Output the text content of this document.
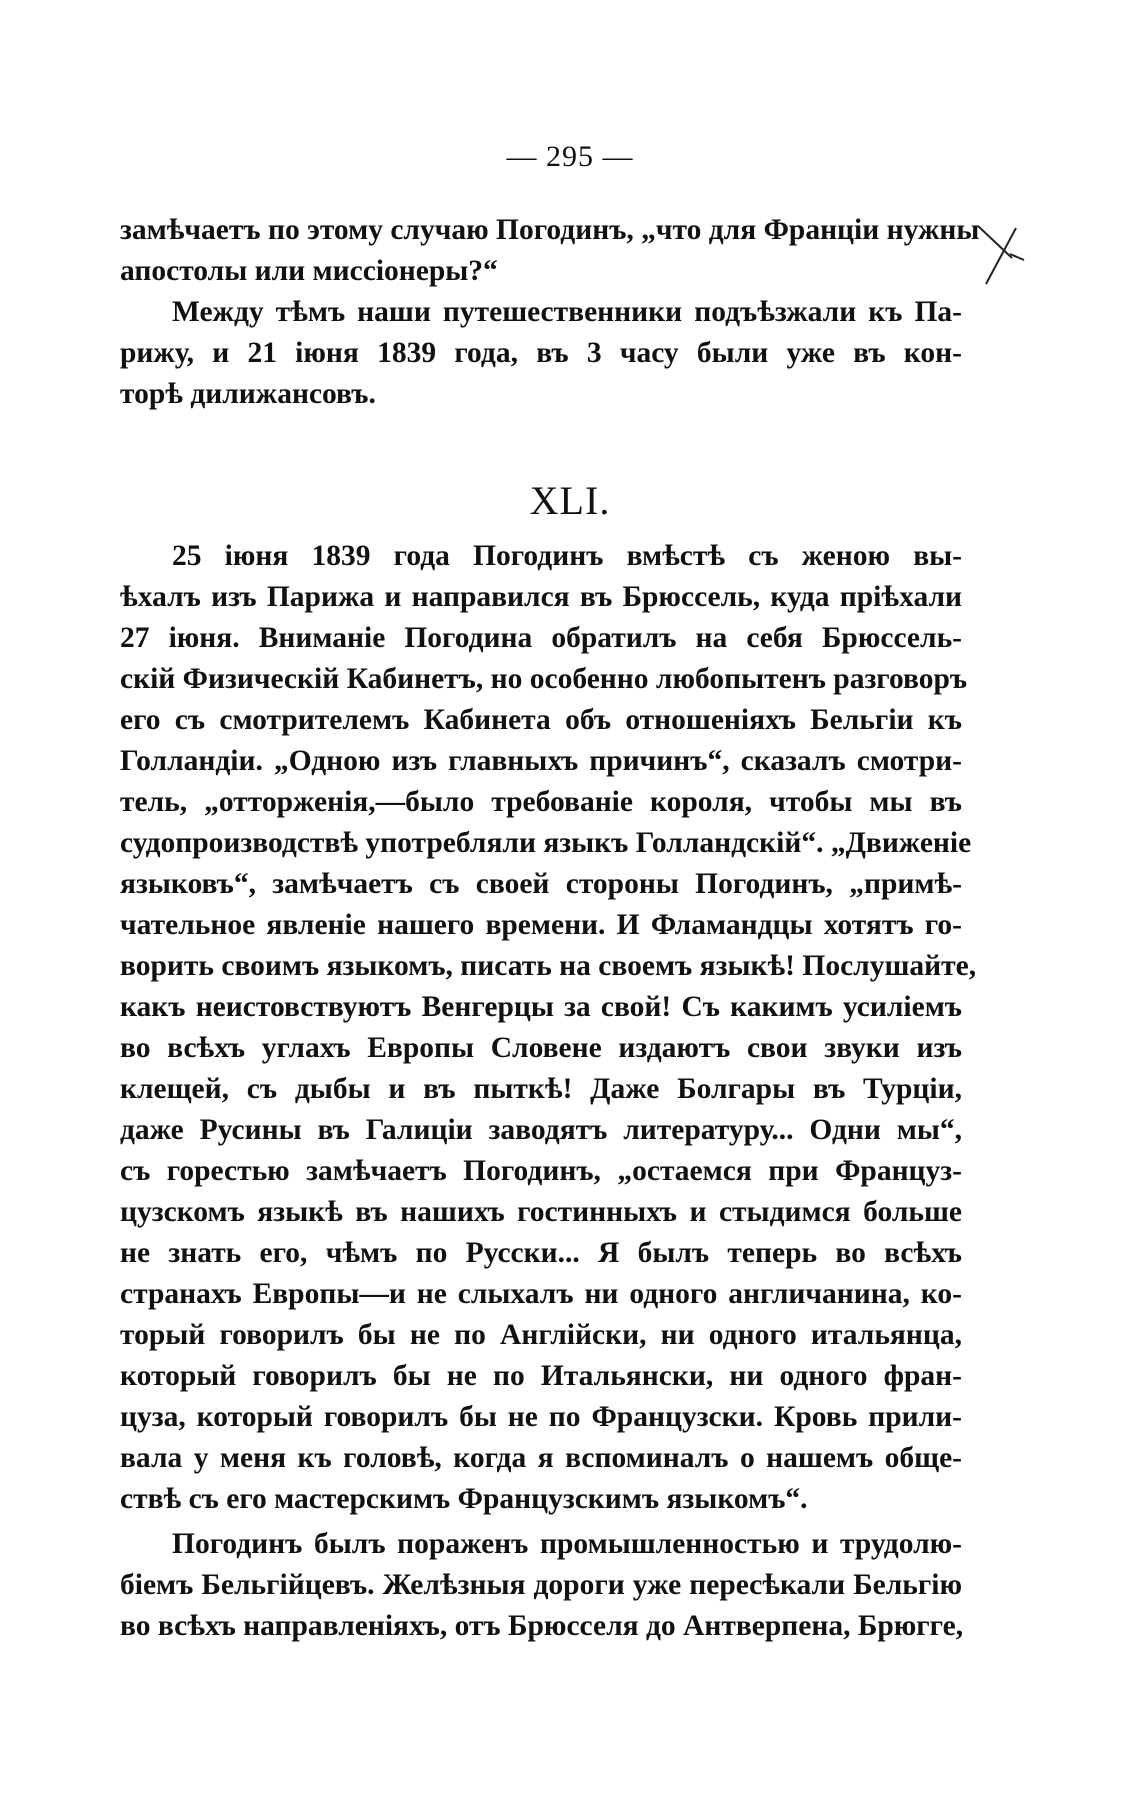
— 295 —
замѣчаетъ по этому случаю Погодинъ, „что для Франціи нужны
апостолы или миссіонеры?“
Между тѣмъ наши путешественники подъѣзжали къ Па-
рижу, и 21 іюня 1839 года, въ 3 часу были уже въ кон-
торѣ дилижансовъ.
XLI.
25 іюня 1839 года Погодинъ вмѣстѣ съ женою вы-
ѣхалъ изъ Парижа и направился въ Брюссель, куда пріѣхали
27 іюня. Вниманіе Погодина обратилъ на себя Брюссель-
скій Физическій Кабинетъ, но особенно любопытенъ разговоръ
его съ смотрителемъ Кабинета объ отношеніяхъ Бельгіи къ
Голландіи. „Одною изъ главныхъ причинъ“, сказалъ смотри-
тель, „отторженія,—было требованіе короля, чтобы мы въ
судопроизводствѣ употребляли языкъ Голландскій“. „Движеніе
языковъ“, замѣчаетъ съ своей стороны Погодинъ, „примѣ-
чательное явленіе нашего времени. И Фламандцы хотятъ го-
ворить своимъ языкомъ, писать на своемъ языкѣ! Послушайте,
какъ неистовствуютъ Венгерцы за свой! Съ какимъ усиліемъ
во всѣхъ углахъ Европы Словене издаютъ свои звуки изъ
клещей, съ дыбы и въ пыткѣ! Даже Болгары въ Турціи,
даже Русины въ Галиціи заводятъ литературу... Одни мы“,
съ горестью замѣчаетъ Погодинъ, „остаемся при Француз-
цузскомъ языкѣ въ нашихъ гостинныхъ и стыдимся больше
не знать его, чѣмъ по Русски... Я былъ теперь во всѣхъ
странахъ Европы—и не слыхалъ ни одного англичанина, ко-
торый говорилъ бы не по Англійски, ни одного итальянца,
который говорилъ бы не по Итальянски, ни одного фран-
цуза, который говорилъ бы не по Французски. Кровь прили-
вала у меня къ головѣ, когда я вспоминалъ о нашемъ обще-
ствѣ съ его мастерскимъ Французскимъ языкомъ“.
Погодинъ былъ пораженъ промышленностью и трудолю-
біемъ Бельгійцевъ. Желѣзныя дороги уже пересѣкали Бельгію
во всѣхъ направленіяхъ, отъ Брюсселя до Антверпена, Брюгге,
